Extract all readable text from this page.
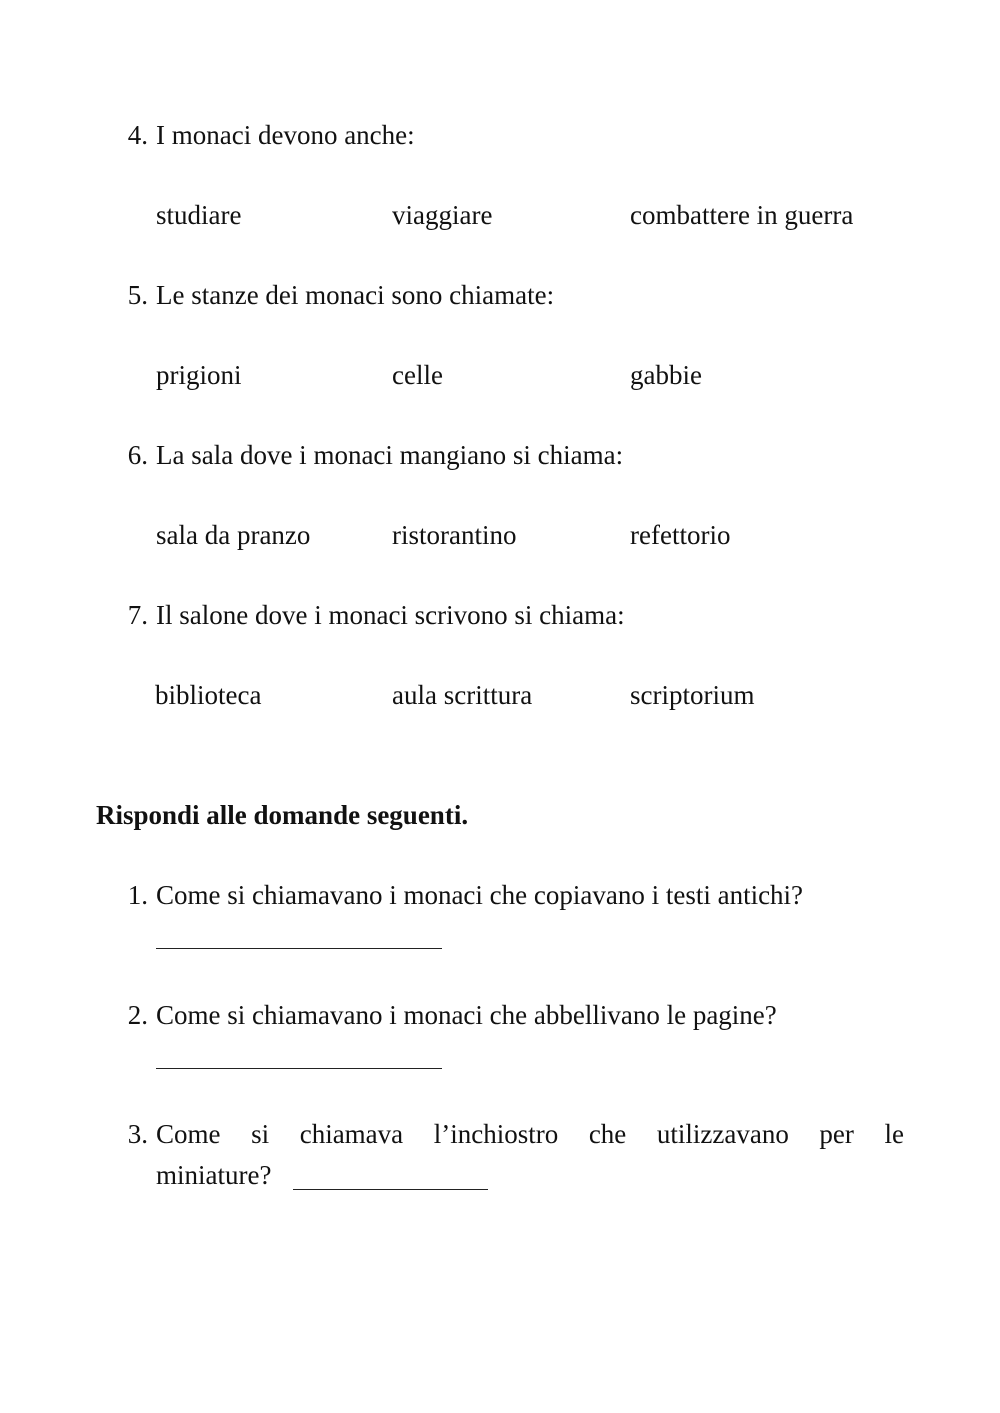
4. I monaci devono anche:
studiare	viaggiare	combattere in guerra
5. Le stanze dei monaci sono chiamate:
prigioni	celle	gabbie
6. La sala dove i monaci mangiano si chiama:
sala da pranzo	ristorantino	refettorio
7. Il salone dove i monaci scrivono si chiama:
biblioteca	aula scrittura	scriptorium
Rispondi alle domande seguenti.
1. Come si chiamavano i monaci che copiavano i testi antichi?
2. Come si chiamavano i monaci che abbellivano le pagine?
3. Come si chiamava l’inchiostro che utilizzavano per le
miniature?
